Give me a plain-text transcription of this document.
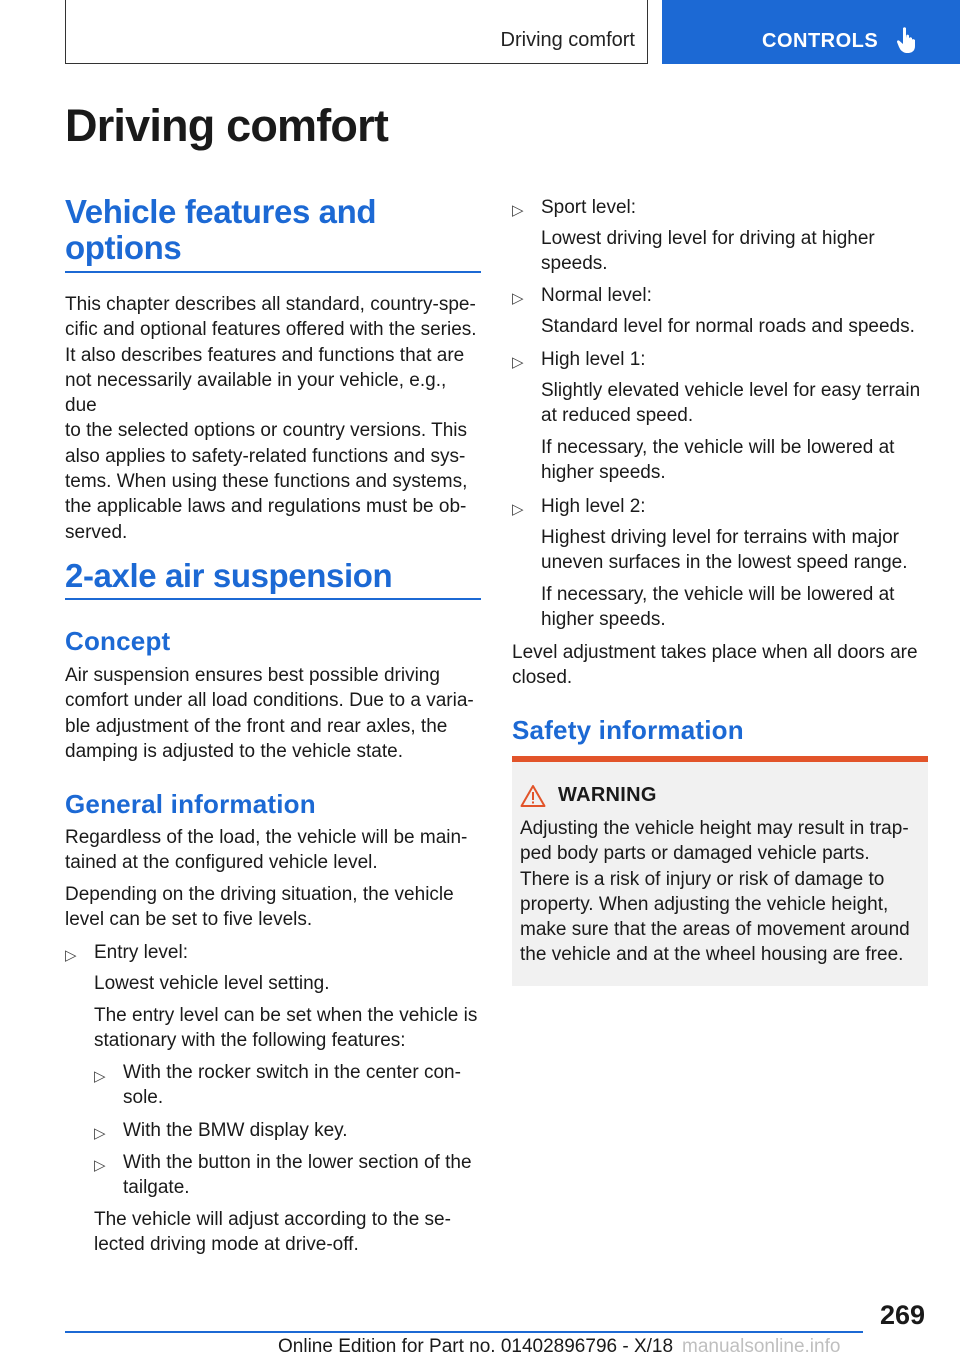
Driving comfort	CONTROLS
Driving comfort
Vehicle features and
options

This chapter describes all standard, country-spe-
cific and optional features offered with the series.
It also describes features and functions that are
not necessarily available in your vehicle, e.g., due
to the selected options or country versions. This
also applies to safety-related functions and sys-
tems. When using these functions and systems,
the applicable laws and regulations must be ob-
served.

2-axle air suspension
Concept

Air suspension ensures best possible driving
comfort under all load conditions. Due to a varia-
ble adjustment of the front and rear axles, the
damping is adjusted to the vehicle state.

General information

Regardless of the load, the vehicle will be main-
tained at the configured vehicle level.

Depending on the driving situation, the vehicle
level can be set to five levels.

▷ Entry level:

Lowest vehicle level setting.

The entry level can be set when the vehicle is
stationary with the following features:

▷ With the rocker switch in the center con-
sole.

▷ With the BMW display key.

▷ With the button in the lower section of the
tailgate.

The vehicle will adjust according to the se-
lected driving mode at drive-off.

▷ Sport level:

Lowest driving level for driving at higher
speeds.

▷ Normal level:

Standard level for normal roads and speeds.

▷ High level 1:

Slightly elevated vehicle level for easy terrain
at reduced speed.

If necessary, the vehicle will be lowered at
higher speeds.

▷ High level 2:

Highest driving level for terrains with major
uneven surfaces in the lowest speed range.

If necessary, the vehicle will be lowered at
higher speeds.

Level adjustment takes place when all doors are
closed.

Safety information
WARNING

Adjusting the vehicle height may result in trap-
ped body parts or damaged vehicle parts.
There is a risk of injury or risk of damage to
property. When adjusting the vehicle height,
make sure that the areas of movement around
the vehicle and at the wheel housing are free.

269
Online Edition for Part no. 01402896796 - X/18 manualsonline.info
